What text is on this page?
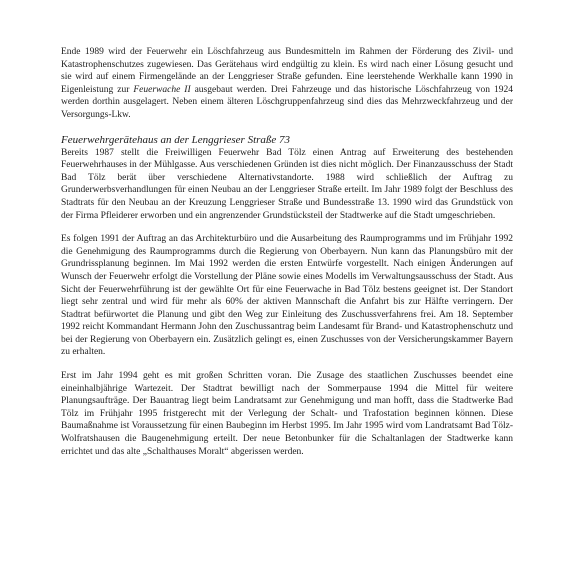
Ende 1989 wird der Feuerwehr ein Löschfahrzeug aus Bundesmitteln im Rahmen der Förderung des Zivil- und Katastrophenschutzes zugewiesen. Das Gerätehaus wird endgültig zu klein. Es wird nach einer Lösung gesucht und sie wird auf einem Firmengelände an der Lenggrieser Straße gefunden. Eine leerstehende Werkhalle kann 1990 in Eigenleistung zur Feuerwache II ausgebaut werden. Drei Fahrzeuge und das historische Löschfahrzeug von 1924 werden dorthin ausgelagert. Neben einem älteren Löschgruppenfahrzeug sind dies das Mehrzweckfahrzeug und der Versorgungs-Lkw.

Feuerwehrgerätehaus an der Lenggrieser Straße 73

Bereits 1987 stellt die Freiwilligen Feuerwehr Bad Tölz einen Antrag auf Erweiterung des bestehenden Feuerwehrhauses in der Mühlgasse. Aus verschiedenen Gründen ist dies nicht möglich. Der Finanzausschuss der Stadt Bad Tölz berät über verschiedene Alternativstandorte. 1988 wird schließlich der Auftrag zu Grunderwerbsverhandlungen für einen Neubau an der Lenggrieser Straße erteilt. Im Jahr 1989 folgt der Beschluss des Stadtrats für den Neubau an der Kreuzung Lenggrieser Straße und Bundesstraße 13. 1990 wird das Grundstück von der Firma Pfleiderer erworben und ein angrenzender Grundstücksteil der Stadtwerke auf die Stadt umgeschrieben.

Es folgen 1991 der Auftrag an das Architekturbüro und die Ausarbeitung des Raumprogramms und im Frühjahr 1992 die Genehmigung des Raumprogramms durch die Regierung von Oberbayern. Nun kann das Planungsbüro mit der Grundrissplanung beginnen. Im Mai 1992 werden die ersten Entwürfe vorgestellt. Nach einigen Änderungen auf Wunsch der Feuerwehr erfolgt die Vorstellung der Pläne sowie eines Modells im Verwaltungsausschuss der Stadt. Aus Sicht der Feuerwehrführung ist der gewählte Ort für eine Feuerwache in Bad Tölz bestens geeignet ist. Der Standort liegt sehr zentral und wird für mehr als 60% der aktiven Mannschaft die Anfahrt bis zur Hälfte verringern. Der Stadtrat befürwortet die Planung und gibt den Weg zur Einleitung des Zuschussverfahrens frei. Am 18. September 1992 reicht Kommandant Hermann John den Zuschussantrag beim Landesamt für Brand- und Katastrophenschutz und bei der Regierung von Oberbayern ein. Zusätzlich gelingt es, einen Zuschusses von der Versicherungskammer Bayern zu erhalten.

Erst im Jahr 1994 geht es mit großen Schritten voran. Die Zusage des staatlichen Zuschusses beendet eine eineinhalbjährige Wartezeit. Der Stadtrat bewilligt nach der Sommerpause 1994 die Mittel für weitere Planungsaufträge. Der Bauantrag liegt beim Landratsamt zur Genehmigung und man hofft, dass die Stadtwerke Bad Tölz im Frühjahr 1995 fristgerecht mit der Verlegung der Schalt- und Trafostation beginnen können. Diese Baumaßnahme ist Voraussetzung für einen Baubeginn im Herbst 1995. Im Jahr 1995 wird vom Landratsamt Bad Tölz-Wolfratshausen die Baugenehmigung erteilt. Der neue Betonbunker für die Schaltanlagen der Stadtwerke kann errichtet und das alte „Schalthauses Moralt“ abgerissen werden.
